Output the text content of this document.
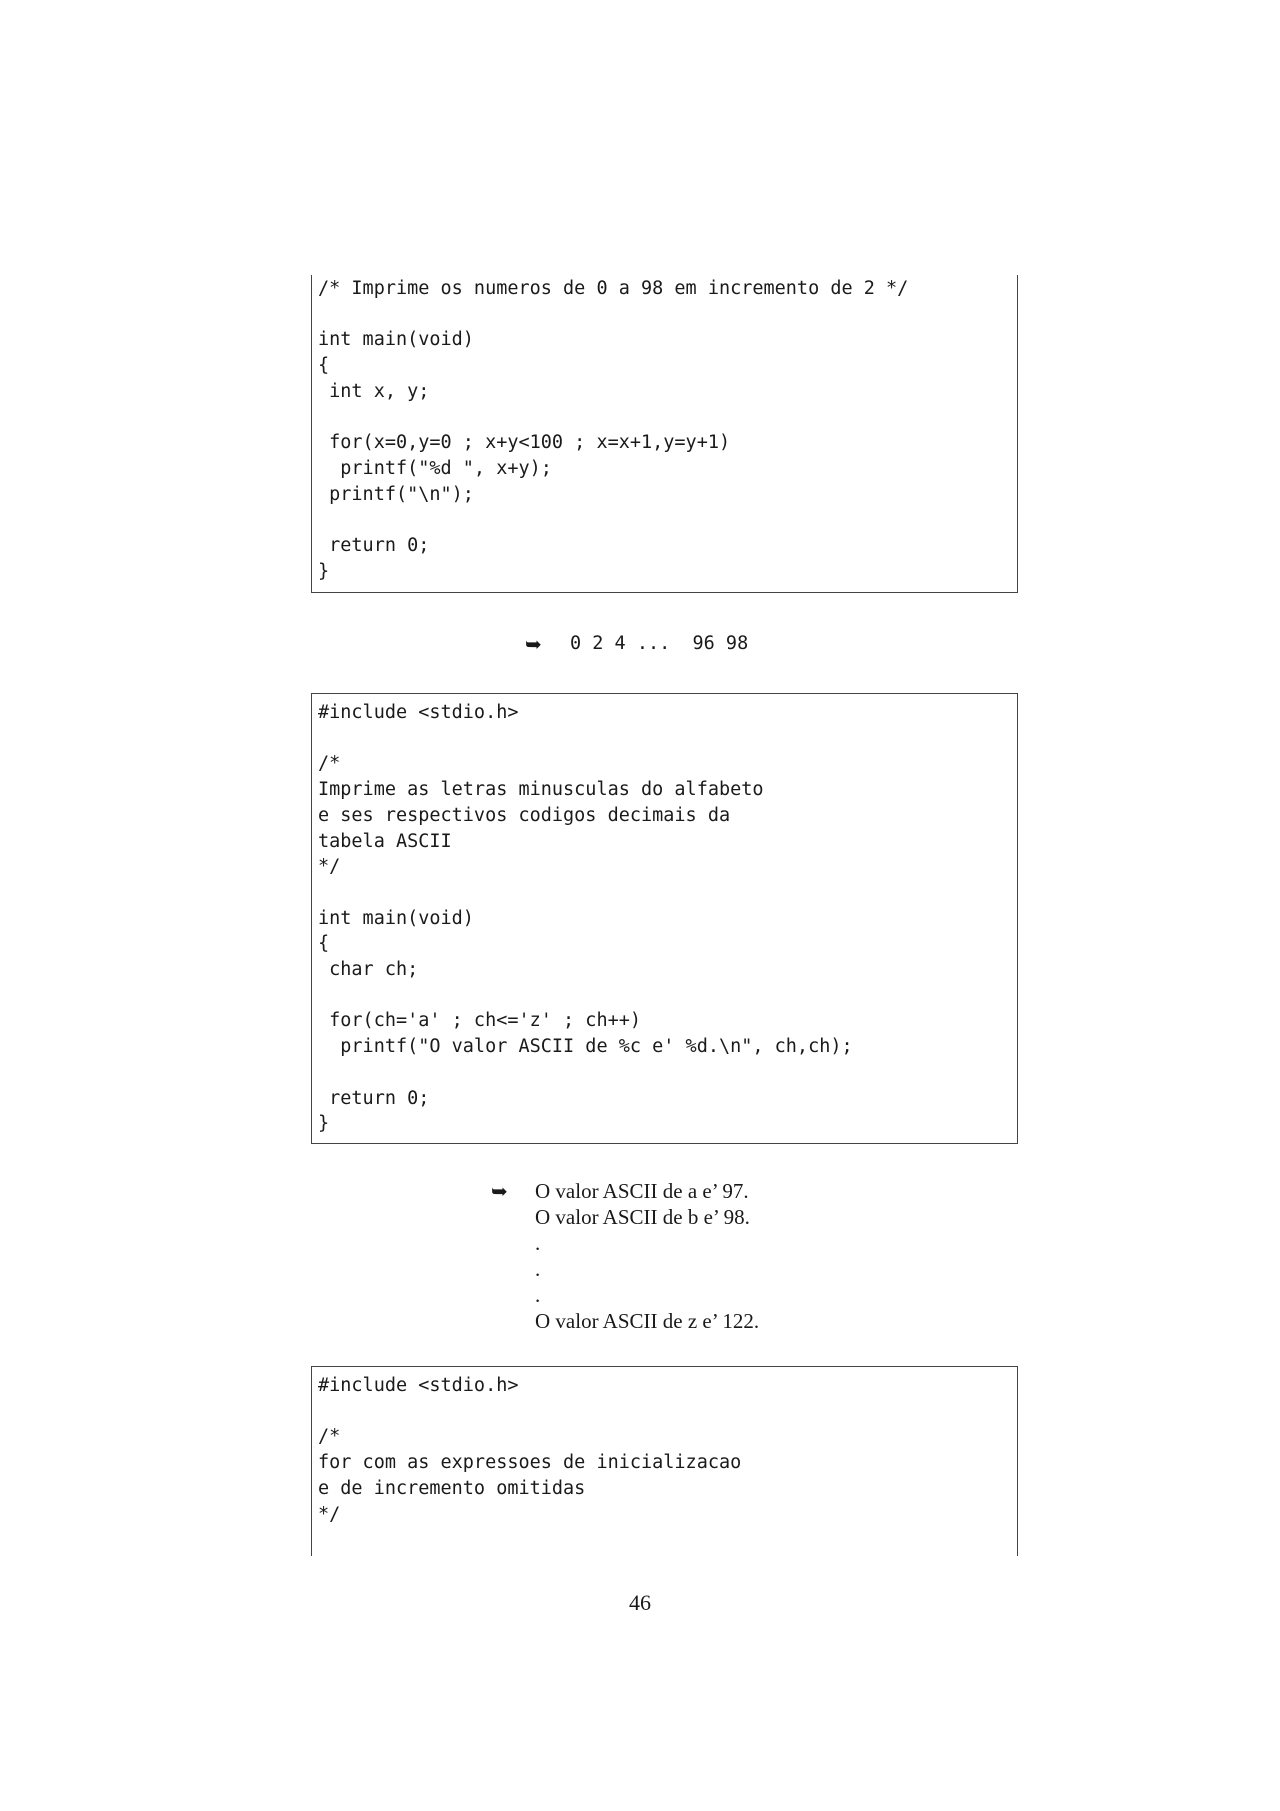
/* Imprime os numeros de 0 a 98 em incremento de 2 */

int main(void)
{
int x, y;

for(x=0,y=0 ; x+y<100 ; x=x+1,y=y+1)
printf("%d ", x+y);
printf("\n");

return 0;
}
➥

0 2 4 ...  96 98

#include <stdio.h>

/*
Imprime as letras minusculas do alfabeto
e ses respectivos codigos decimais da
tabela ASCII
*/

int main(void)
{
char ch;

for(ch='a' ; ch<='z' ; ch++)
printf("O valor ASCII de %c e' %d.\n", ch,ch);

return 0;
}
➥ O valor ASCII de a e’ 97.
O valor ASCII de b e’ 98.
.
.
.
O valor ASCII de z e’ 122.
#include <stdio.h>

/*
for com as expressoes de inicializacao
e de incremento omitidas
*/
46
